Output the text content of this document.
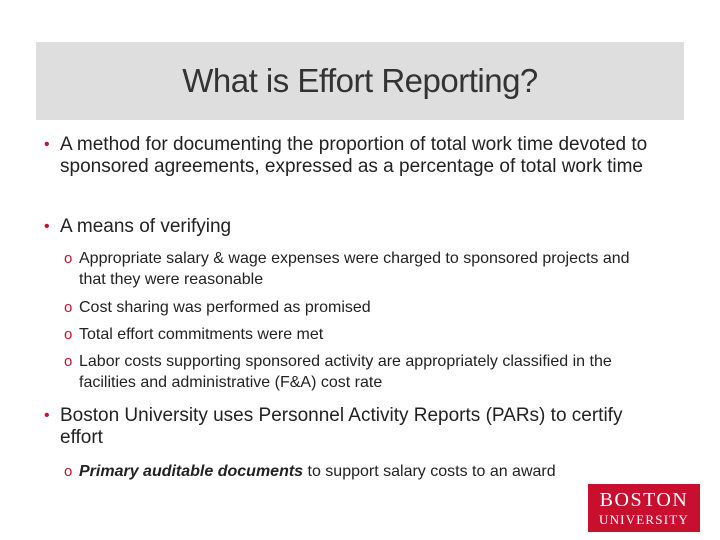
What is Effort Reporting?
• A method for documenting the proportion of total work time devoted to sponsored agreements, expressed as a percentage of total work time
• A means of verifying
o Appropriate salary & wage expenses were charged to sponsored projects and that they were reasonable
o Cost sharing was performed as promised
o Total effort commitments were met
o Labor costs supporting sponsored activity are appropriately classified in the facilities and administrative (F&A) cost rate
• Boston University uses Personnel Activity Reports (PARs) to certify effort
o Primary auditable documents to support salary costs to an award
BOSTON
UNIVERSITY
